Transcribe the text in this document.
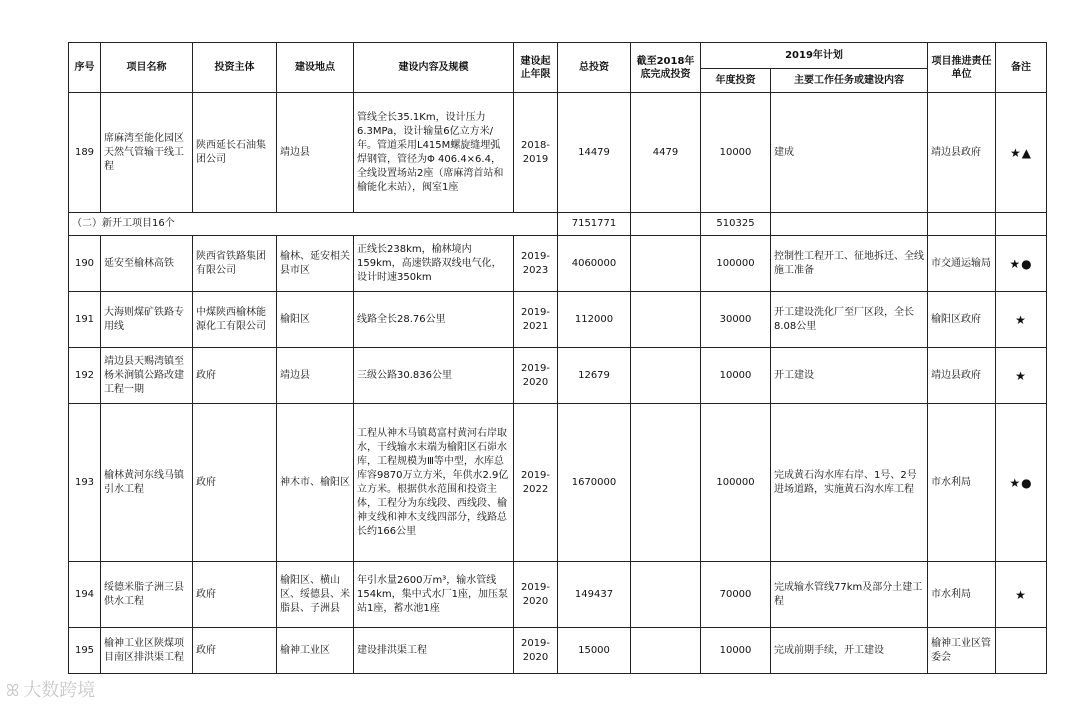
序号	项目名称	投资主体	建设地点	建设内容及规模	建设起止年限	总投资	截至2018年底完成投资	2019年计划		项目推进责任单位	备注
								年度投资	主要工作任务或建设内容		
189	席麻湾至能化园区天然气管输干线工程	陕西延长石油集团公司	靖边县	管线全长35.1Km，设计压力6.3MPa，设计输量6亿立方米/年。管道采用L415M螺旋缝埋弧焊钢管，管径为Φ 406.4×6.4，全线设置场站2座（席麻湾首站和榆能化末站），阀室1座	2018-2019	14479	4479	10000	建成	靖边县政府	★▲
（二）新开工项目16个						7151771		510325			
190	延安至榆林高铁	陕西省铁路集团有限公司	榆林、延安相关县市区	正线长238km，榆林境内159km，高速铁路双线电气化，设计时速350km	2019-2023	4060000		100000	控制性工程开工、征地拆迁、全线施工准备	市交通运输局	★●
191	大海则煤矿铁路专用线	中煤陕西榆林能源化工有限公司	榆阳区	线路全长28.76公里	2019-2021	112000		30000	开工建设洗化厂至厂区段，全长8.08公里	榆阳区政府	★
192	靖边县天赐湾镇至杨米涧镇公路改建工程一期	政府	靖边县	三级公路30.836公里	2019-2020	12679		10000	开工建设	靖边县政府	★
193	榆林黄河东线马镇引水工程	政府	神木市、榆阳区	工程从神木马镇葛富村黄河右岸取水，干线输水末端为榆阳区石峁水库，工程规模为Ⅲ等中型，水库总库容9870万立方米，年供水2.9亿立方米。根据供水范围和投资主体，工程分为东线段、西线段、榆神支线和神木支线四部分，线路总长约166公里	2019-2022	1670000		100000	完成黄石沟水库右岸、1号、2号进场道路，实施黄石沟水库工程	市水利局	★●
194	绥德米脂子洲三县供水工程	政府	榆阳区、横山区、绥德县、米脂县、子洲县	年引水量2600万m³，输水管线154km，集中式水厂1座，加压泵站1座，蓄水池1座	2019-2020	149437		70000	完成输水管线77km及部分土建工程	市水利局	★
195	榆神工业区陕煤项目南区排洪渠工程	政府	榆神工业区	建设排洪渠工程	2019-2020	15000		10000	完成前期手续，开工建设	榆神工业区管委会	
ꕤ 大数跨境
